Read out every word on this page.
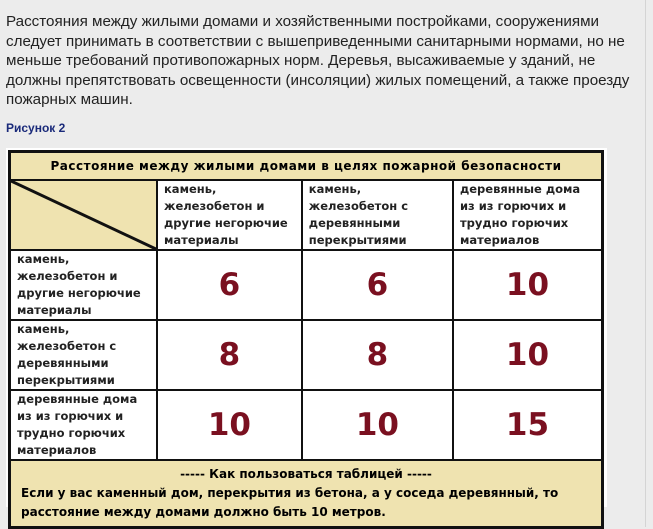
Расстояния между жилыми домами и хозяйственными постройками, сооружениями следует принимать в соответствии с вышеприведенными санитарными нормами, но не меньше требований противопожарных норм. Деревья, высаживаемые у зданий, не должны препятствовать освещенности (инсоляции) жилых помещений, а также проезду пожарных машин.
Рисунок 2
Расстояние между жилыми домами в целях пожарной безопасности			

	камень, железобетон и другие негорючие материалы	камень, железобетон с деревянными перекрытиями	деревянные дома из из горючих и трудно горючих материалов
камень, железобетон и другие негорючие материалы	6	6	10
камень, железобетон с деревянными перекрытиями	8	8	10
деревянные дома из из горючих и трудно горючих материалов	10	10	15

----- Как пользоваться таблицей -----
Если у вас каменный дом, перекрытия из бетона, а у соседа деревянный, то расстояние между домами должно быть 10 метров.			
